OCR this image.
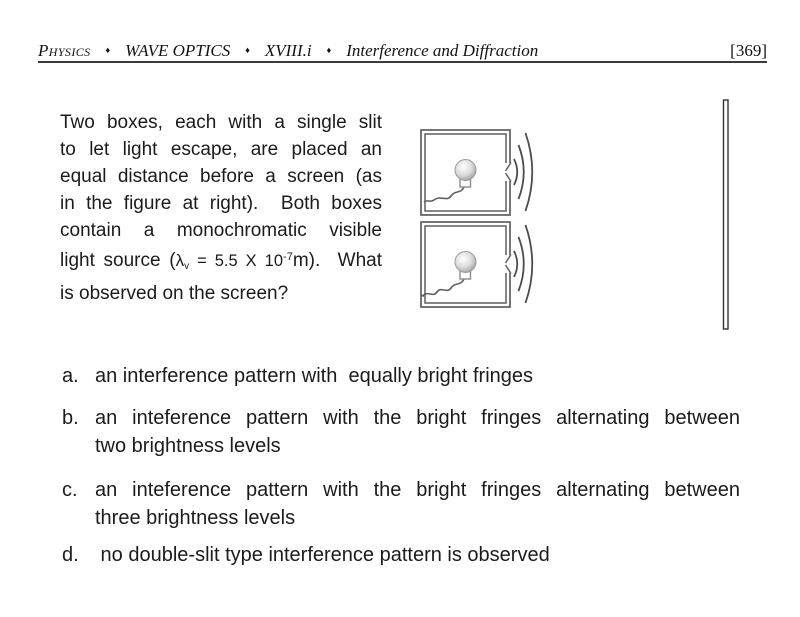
Physics ♦ WAVE OPTICS ♦ XVIII.i ♦ Interference and Diffraction	[369]
Two boxes, each with a single slit
to let light escape, are placed an
equal distance before a screen (as
in the figure at right).  Both boxes
contain a monochromatic visible
light source ($\lambda_v = 5.5$ X $10^{-7}m$).  What
is observed on the screen?
a. an interference pattern with  equally bright fringes
b. an inteference pattern with the bright fringes alternating between
two brightness levels
c. an inteference pattern with the bright fringes alternating between
three brightness levels
d. no double-slit type interference pattern is observed
